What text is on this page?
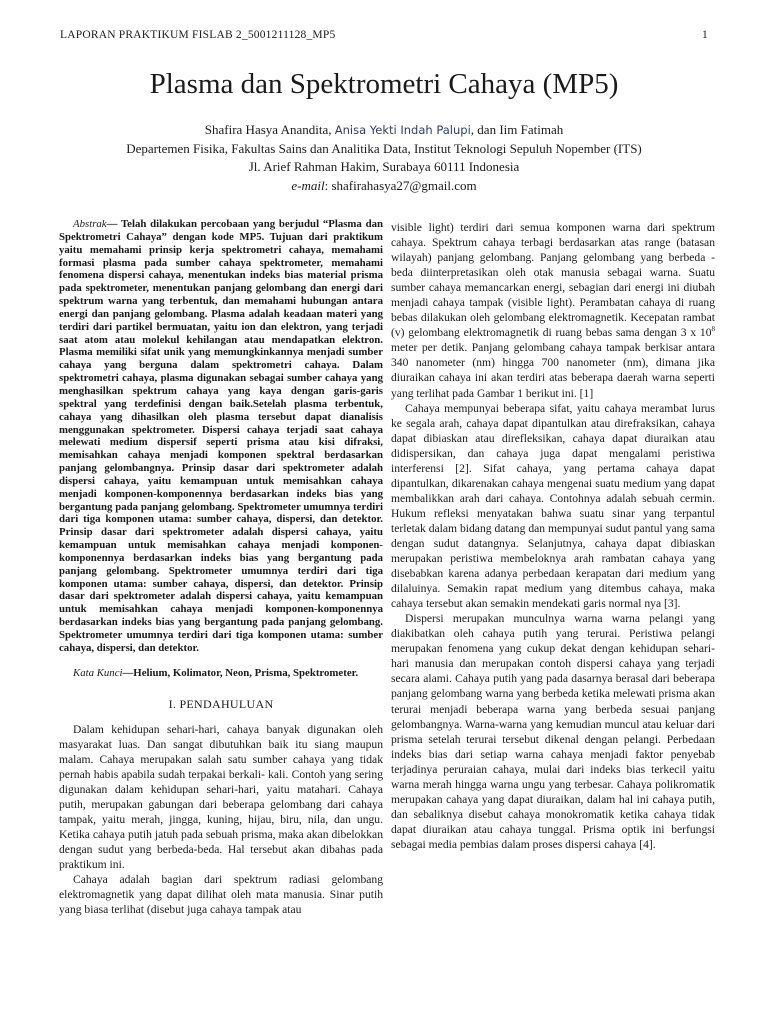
LAPORAN PRAKTIKUM FISLAB 2_5001211128_MP5	1
Plasma dan Spektrometri Cahaya (MP5)
Shafira Hasya Anandita, Anisa Yekti Indah Palupi, dan Iim Fatimah
Departemen Fisika, Fakultas Sains dan Analitika Data, Institut Teknologi Sepuluh Nopember (ITS)
Jl. Arief Rahman Hakim, Surabaya 60111 Indonesia
e-mail: shafirahasya27@gmail.com

Abstrak— Telah dilakukan percobaan yang berjudul “Plasma dan Spektrometri Cahaya” dengan kode MP5. Tujuan dari praktikum yaitu memahami prinsip kerja spektrometri cahaya, memahami formasi plasma pada sumber cahaya spektrometer, memahami fenomena dispersi cahaya, menentukan indeks bias material prisma pada spektrometer, menentukan panjang gelombang dan energi dari spektrum warna yang terbentuk, dan memahami hubungan antara energi dan panjang gelombang. Plasma adalah keadaan materi yang terdiri dari partikel bermuatan, yaitu ion dan elektron, yang terjadi saat atom atau molekul kehilangan atau mendapatkan elektron. Plasma memiliki sifat unik yang memungkinkannya menjadi sumber cahaya yang berguna dalam spektrometri cahaya. Dalam spektrometri cahaya, plasma digunakan sebagai sumber cahaya yang menghasilkan spektrum cahaya yang kaya dengan garis-garis spektral yang terdefinisi dengan baik.Setelah plasma terbentuk, cahaya yang dihasilkan oleh plasma tersebut dapat dianalisis menggunakan spektrometer. Dispersi cahaya terjadi saat cahaya melewati medium dispersif seperti prisma atau kisi difraksi, memisahkan cahaya menjadi komponen spektral berdasarkan panjang gelombangnya. Prinsip dasar dari spektrometer adalah dispersi cahaya, yaitu kemampuan untuk memisahkan cahaya menjadi komponen-komponennya berdasarkan indeks bias yang bergantung pada panjang gelombang. Spektrometer umumnya terdiri dari tiga komponen utama: sumber cahaya, dispersi, dan detektor. Prinsip dasar dari spektrometer adalah dispersi cahaya, yaitu kemampuan untuk memisahkan cahaya menjadi komponen-komponennya berdasarkan indeks bias yang bergantung pada panjang gelombang. Spektrometer umumnya terdiri dari tiga komponen utama: sumber cahaya, dispersi, dan detektor. Prinsip dasar dari spektrometer adalah dispersi cahaya, yaitu kemampuan untuk memisahkan cahaya menjadi komponen-komponennya berdasarkan indeks bias yang bergantung pada panjang gelombang. Spektrometer umumnya terdiri dari tiga komponen utama: sumber cahaya, dispersi, dan detektor.

Kata Kunci—Helium, Kolimator, Neon, Prisma, Spektrometer.

I. PENDAHULUAN

Dalam kehidupan sehari-hari, cahaya banyak digunakan oleh masyarakat luas. Dan sangat dibutuhkan baik itu siang maupun malam. Cahaya merupakan salah satu sumber cahaya yang tidak pernah habis apabila sudah terpakai berkali- kali. Contoh yang sering digunakan dalam kehidupan sehari-hari, yaitu matahari. Cahaya putih, merupakan gabungan dari beberapa gelombang dari cahaya tampak, yaitu merah, jingga, kuning, hijau, biru, nila, dan ungu. Ketika cahaya putih jatuh pada sebuah prisma, maka akan dibelokkan dengan sudut yang berbeda-beda. Hal tersebut akan dibahas pada praktikum ini.

Cahaya adalah bagian dari spektrum radiasi gelombang elektromagnetik yang dapat dilihat oleh mata manusia. Sinar putih yang biasa terlihat (disebut juga cahaya tampak atau

visible light) terdiri dari semua komponen warna dari spektrum cahaya. Spektrum cahaya terbagi berdasarkan atas range (batasan wilayah) panjang gelombang. Panjang gelombang yang berbeda - beda diinterpretasikan oleh otak manusia sebagai warna. Suatu sumber cahaya memancarkan energi, sebagian dari energi ini diubah menjadi cahaya tampak (visible light). Perambatan cahaya di ruang bebas dilakukan oleh gelombang elektromagnetik. Kecepatan rambat (v) gelombang elektromagnetik di ruang bebas sama dengan 3 x $10^8$ meter per detik. Panjang gelombang cahaya tampak berkisar antara 340 nanometer (nm) hingga 700 nanometer (nm), dimana jika diuraikan cahaya ini akan terdiri atas beberapa daerah warna seperti yang terlihat pada Gambar 1 berikut ini. [1]

Cahaya mempunyai beberapa sifat, yaitu cahaya merambat lurus ke segala arah, cahaya dapat dipantulkan atau direfraksikan, cahaya dapat dibiaskan atau direfleksikan, cahaya dapat diuraikan atau didispersikan, dan cahaya juga dapat mengalami peristiwa interferensi [2]. Sifat cahaya, yang pertama cahaya dapat dipantulkan, dikarenakan cahaya mengenai suatu medium yang dapat membalikkan arah dari cahaya. Contohnya adalah sebuah cermin. Hukum refleksi menyatakan bahwa suatu sinar yang terpantul terletak dalam bidang datang dan mempunyai sudut pantul yang sama dengan sudut datangnya. Selanjutnya, cahaya dapat dibiaskan merupakan peristiwa membeloknya arah rambatan cahaya yang disebabkan karena adanya perbedaan kerapatan dari medium yang dilaluinya. Semakin rapat medium yang ditembus cahaya, maka cahaya tersebut akan semakin mendekati garis normal nya [3].

Dispersi merupakan munculnya warna warna pelangi yang diakibatkan oleh cahaya putih yang terurai. Peristiwa pelangi merupakan fenomena yang cukup dekat dengan kehidupan sehari-hari manusia dan merupakan contoh dispersi cahaya yang terjadi secara alami. Cahaya putih yang pada dasarnya berasal dari beberapa panjang gelombang warna yang berbeda ketika melewati prisma akan terurai menjadi beberapa warna yang berbeda sesuai panjang gelombangnya. Warna-warna yang kemudian muncul atau keluar dari prisma setelah terurai tersebut dikenal dengan pelangi. Perbedaan indeks bias dari setiap warna cahaya menjadi faktor penyebab terjadinya peruraian cahaya, mulai dari indeks bias terkecil yaitu warna merah hingga warna ungu yang terbesar. Cahaya polikromatik merupakan cahaya yang dapat diuraikan, dalam hal ini cahaya putih, dan sebaliknya disebut cahaya monokromatik ketika cahaya tidak dapat diuraikan atau cahaya tunggal. Prisma optik ini berfungsi sebagai media pembias dalam proses dispersi cahaya [4].
